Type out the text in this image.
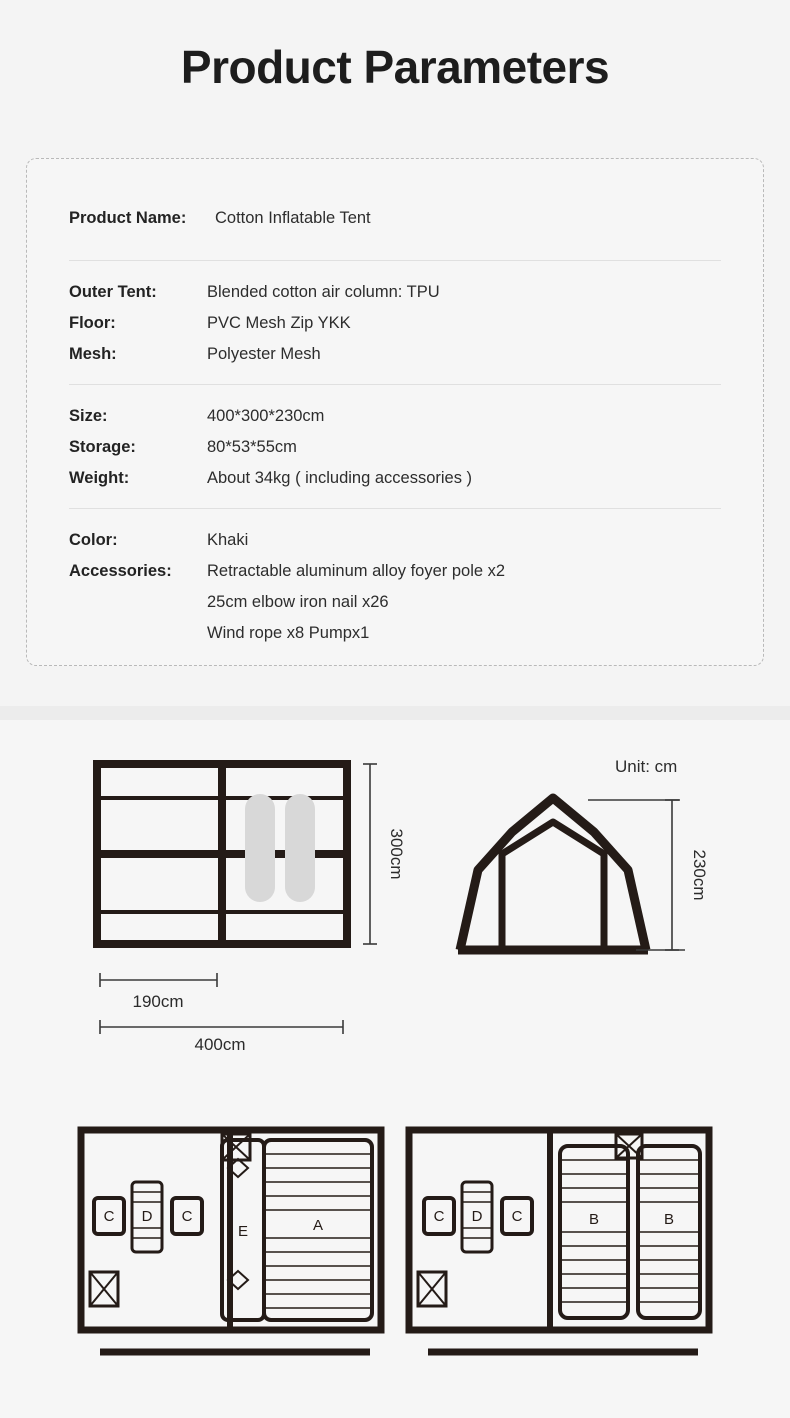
Product Parameters
Product Name:	Cotton Inflatable Tent
Outer Tent:	Blended cotton air column: TPU
Floor:	PVC Mesh Zip YKK
Mesh:	Polyester Mesh
Size:	400*300*230cm
Storage:	80*53*55cm
Weight:	About 34kg ( including accessories )
Color:	Khaki
Accessories:	Retractable aluminum alloy foyer pole x2
25cm elbow iron nail x26
Wind rope x8 Pumpx1
Unit: cm
300cm
190cm
400cm
230cm
A
E
C D C	B	B
C D C
